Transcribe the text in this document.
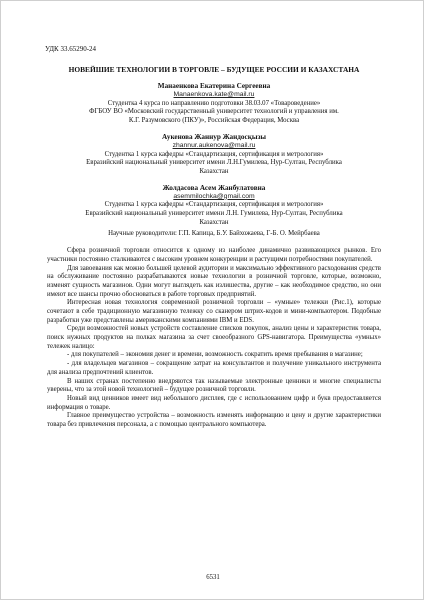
УДК 33.65290-24
НОВЕЙШИЕ ТЕХНОЛОГИИ В ТОРГОВЛЕ – БУДУЩЕЕ РОССИИ И КАЗАХСТАНА
Манаенкова Екатерина Сергеевна
Manaenkova.kate@mail.ru
Студентка 4 курса по направлению подготовки 38.03.07 «Товароведение»
ФГБОУ ВО «Московский государственный университет технологий и управления им.
К.Г. Разумовского (ПКУ)», Российская Федерация, Москва
Аукенова Жаннур Жандосқызы
zhannur.aukenova@mail.ru
Студентка 1 курса кафедры «Стандартизация, сертификация и метрология»
Евразийский национальный университет имени Л.Н.Гумилева, Нур-Султан, Республика
Казахстан
Жолдасова Асем Жанбулатовна
asemmilochka@gmail.com
Студентка 1 курса кафедры «Стандартизация, сертификация и метрология»
Евразийский национальный университет имени Л.Н. Гумилева, Нур-Султан, Республика
Казахстан
Научные руководители: Г.П. Капица, Б.У. Байхожаева, Г-Б. О. Мейрбаева

Сфера розничной торговли относится к одному из наиболее динамично развивающихся рынков. Его участники постоянно сталкиваются с высоким уровнем конкуренции и растущими потребностями покупателей.

Для завоевания как можно большей целевой аудитории и максимально эффективного расходования средств на обслуживание постоянно разрабатываются новые технологии в розничной торговле, которые, возможно, изменят сущность магазинов. Одни могут выглядеть как излишества, другие – как необходимое средство, но они имеют все шансы прочно обосноваться в работе торговых предприятий.

Интересная новая технология современной розничной торговли – «умные» тележки (Рис.1), которые сочетают в себе традиционную магазинную тележку со сканером штрих-кодов и мини-компьютером. Подобные разработки уже представлены американскими компаниями IBM и EDS.

Среди возможностей новых устройств составление списков покупок, анализ цены и характеристик товара, поиск нужных продуктов на полках магазина за счет своеобразного GPS-навигатора. Преимущества «умных» тележек налицо:

- для покупателей – экономия денег и времени, возможность сократить время пребывания в магазине;

- для владельцев магазинов – сокращение затрат на консультантов и получение уникального инструмента для анализа предпочтений клиентов.

В наших странах постепенно внедряются так называемые электронные ценники и многие специалисты уверены, что за этой новой технологией – будущее розничной торговли.

Новый вид ценников имеет вид небольшого дисплея, где с использованием цифр и букв предоставляется информация о товаре.

Главное преимущество устройства – возможность изменять информацию и цену и другие характеристики товара без привлечения персонала, а с помощью центрального компьютера.

6531
